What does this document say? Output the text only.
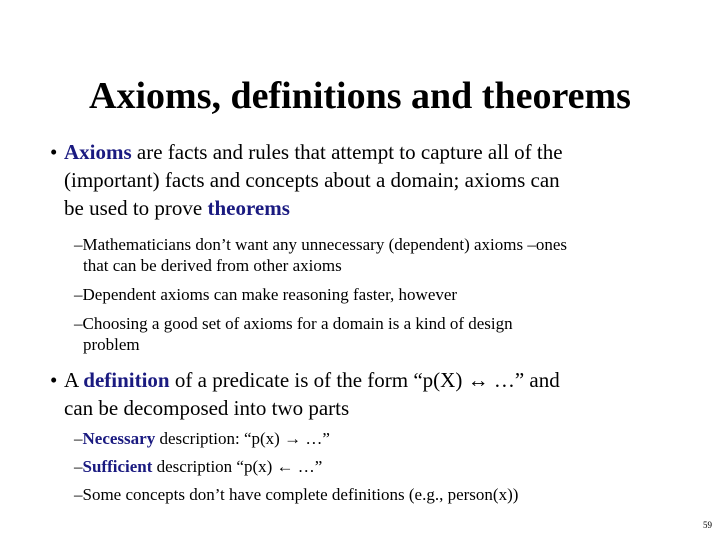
Axioms, definitions and theorems
• Axioms are facts and rules that attempt to capture all of the
(important) facts and concepts about a domain; axioms can
be used to prove theorems
–Mathematicians don’t want any unnecessary (dependent) axioms –ones
that can be derived from other axioms
–Dependent axioms can make reasoning faster, however
–Choosing a good set of axioms for a domain is a kind of design
problem
• A definition of a predicate is of the form “p(X) ↔ …” and
can be decomposed into two parts
–Necessary description: “p(x) → …”
–Sufficient description “p(x) ← …”
–Some concepts don’t have complete definitions (e.g., person(x))
59
